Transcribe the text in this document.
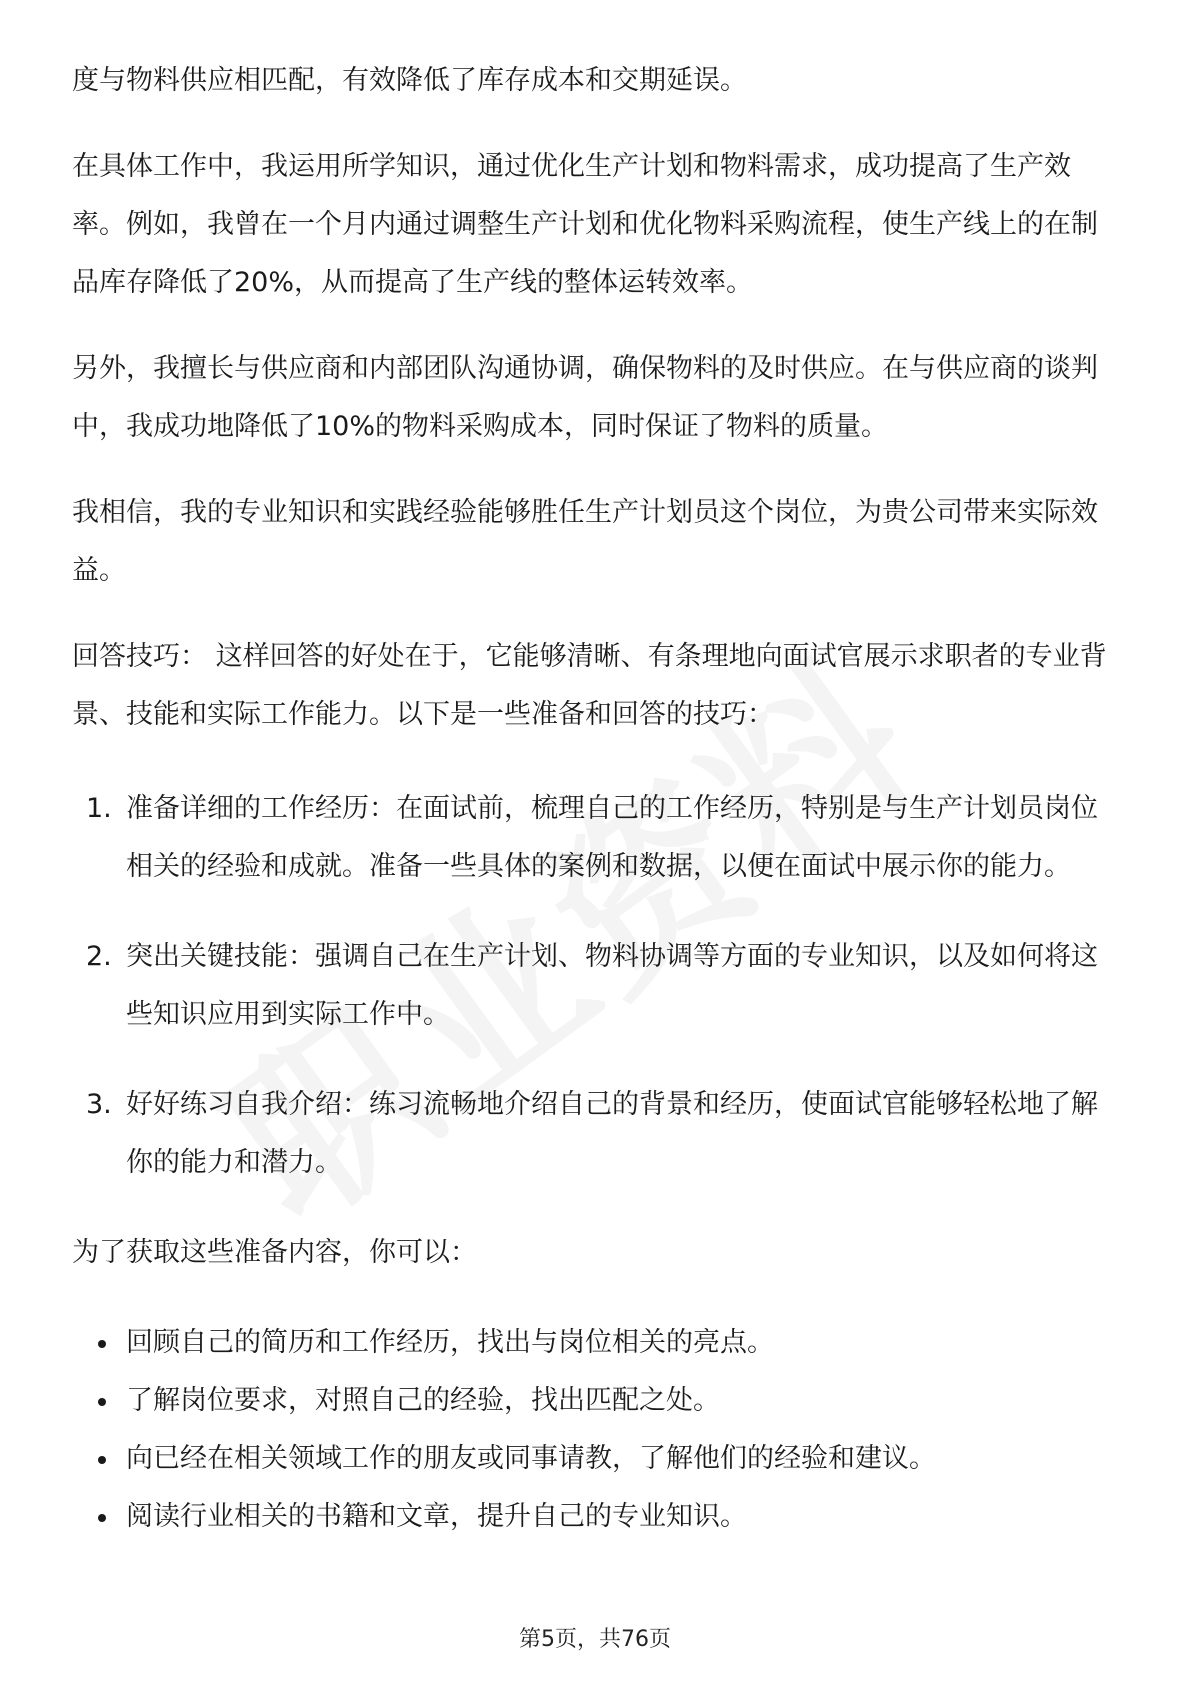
度与物料供应相匹配，有效降低了库存成本和交期延误。

在具体工作中，我运用所学知识，通过优化生产计划和物料需求，成功提高了生产效率。例如，我曾在一个月内通过调整生产计划和优化物料采购流程，使生产线上的在制品库存降低了20%，从而提高了生产线的整体运转效率。

另外，我擅长与供应商和内部团队沟通协调，确保物料的及时供应。在与供应商的谈判中，我成功地降低了10%的物料采购成本，同时保证了物料的质量。

我相信，我的专业知识和实践经验能够胜任生产计划员这个岗位，为贵公司带来实际效益。

回答技巧： 这样回答的好处在于，它能够清晰、有条理地向面试官展示求职者的专业背景、技能和实际工作能力。以下是一些准备和回答的技巧：

1. 准备详细的工作经历：在面试前，梳理自己的工作经历，特别是与生产计划员岗位相关的经验和成就。准备一些具体的案例和数据，以便在面试中展示你的能力。
2. 突出关键技能：强调自己在生产计划、物料协调等方面的专业知识，以及如何将这些知识应用到实际工作中。
3. 好好练习自我介绍：练习流畅地介绍自己的背景和经历，使面试官能够轻松地了解你的能力和潜力。

为了获取这些准备内容，你可以：

回顾自己的简历和工作经历，找出与岗位相关的亮点。
了解岗位要求，对照自己的经验，找出匹配之处。
向已经在相关领域工作的朋友或同事请教，了解他们的经验和建议。
阅读行业相关的书籍和文章，提升自己的专业知识。
第5页，共76页
